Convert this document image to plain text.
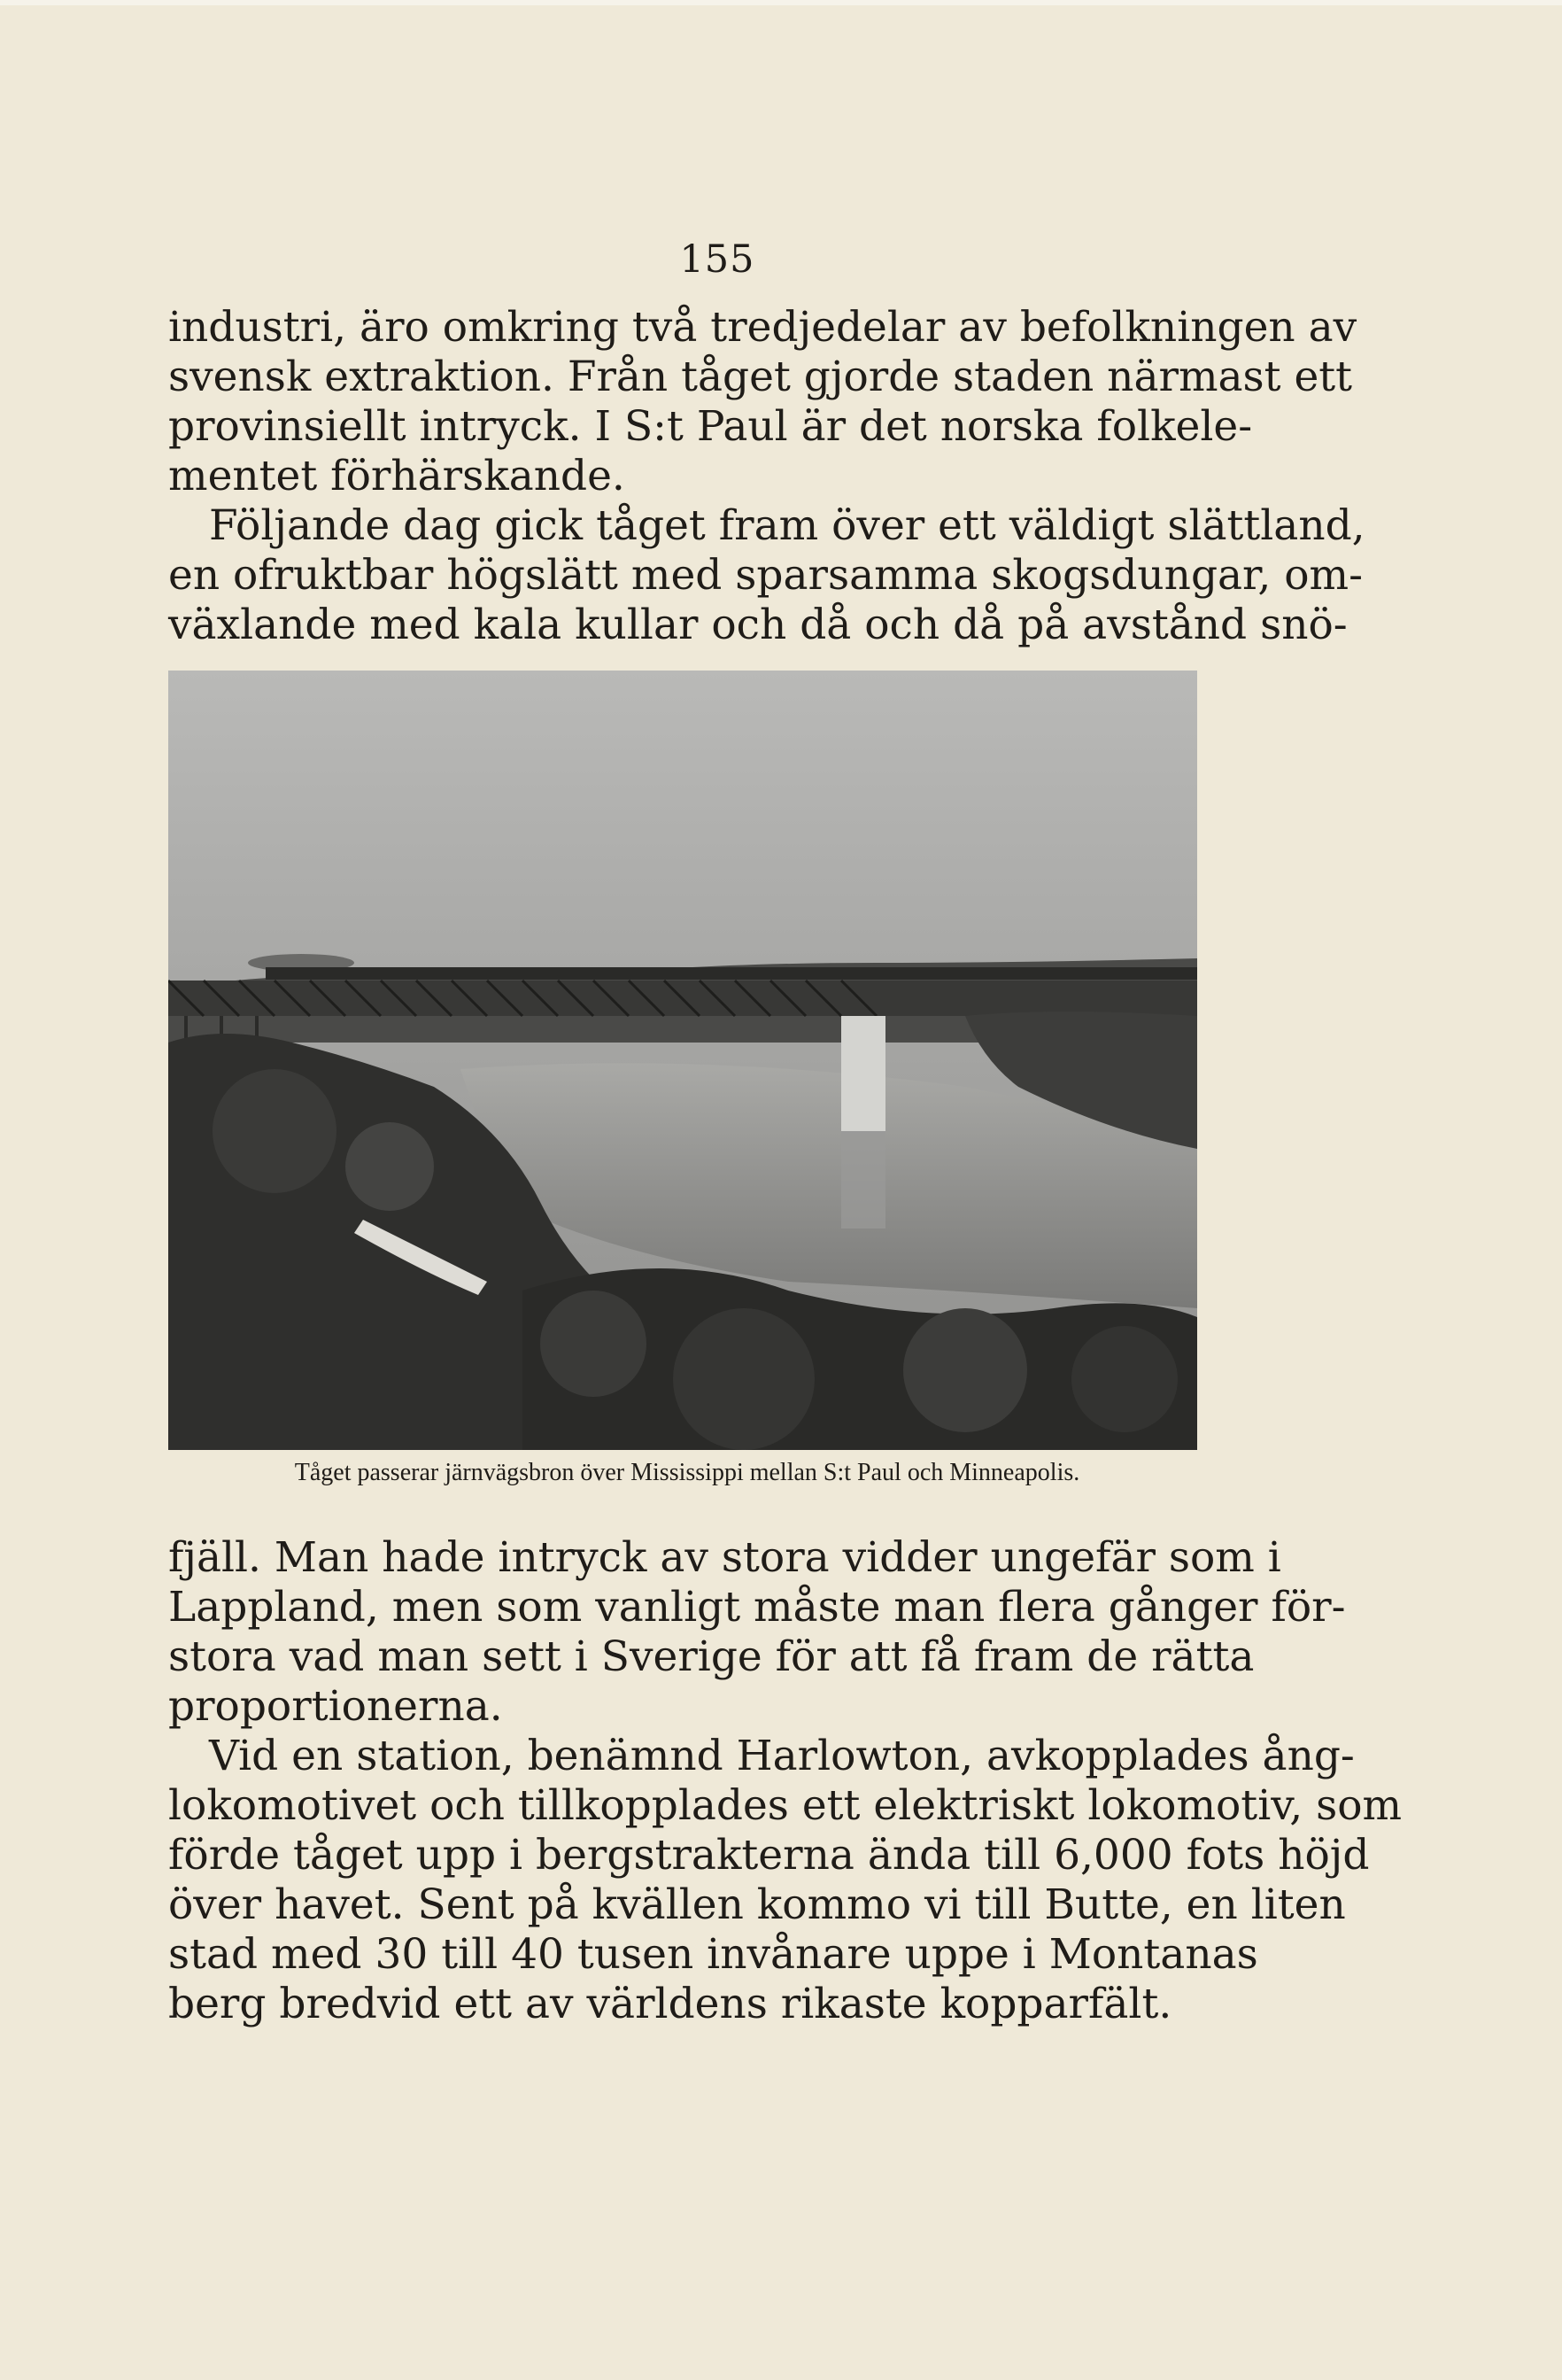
155
industri, äro omkring två tredjedelar av befolkningen av
svensk extraktion. Från tåget gjorde staden närmast ett
provinsiellt intryck. I S:t Paul är det norska folkele-
mentet förhärskande.
Följande dag gick tåget fram över ett väldigt slättland,
en ofruktbar högslätt med sparsamma skogsdungar, om-
växlande med kala kullar och då och då på avstånd snö-
Tåget passerar järnvägsbron över Mississippi mellan S:t Paul och Minneapolis.
fjäll. Man hade intryck av stora vidder ungefär som i
Lappland, men som vanligt måste man flera gånger för-
stora vad man sett i Sverige för att få fram de rätta
proportionerna.
Vid en station, benämnd Harlowton, avkopplades ång-
lokomotivet och tillkopplades ett elektriskt lokomotiv, som
förde tåget upp i bergstrakterna ända till 6,000 fots höjd
över havet. Sent på kvällen kommo vi till Butte, en liten
stad med 30 till 40 tusen invånare uppe i Montanas
berg bredvid ett av världens rikaste kopparfält.
